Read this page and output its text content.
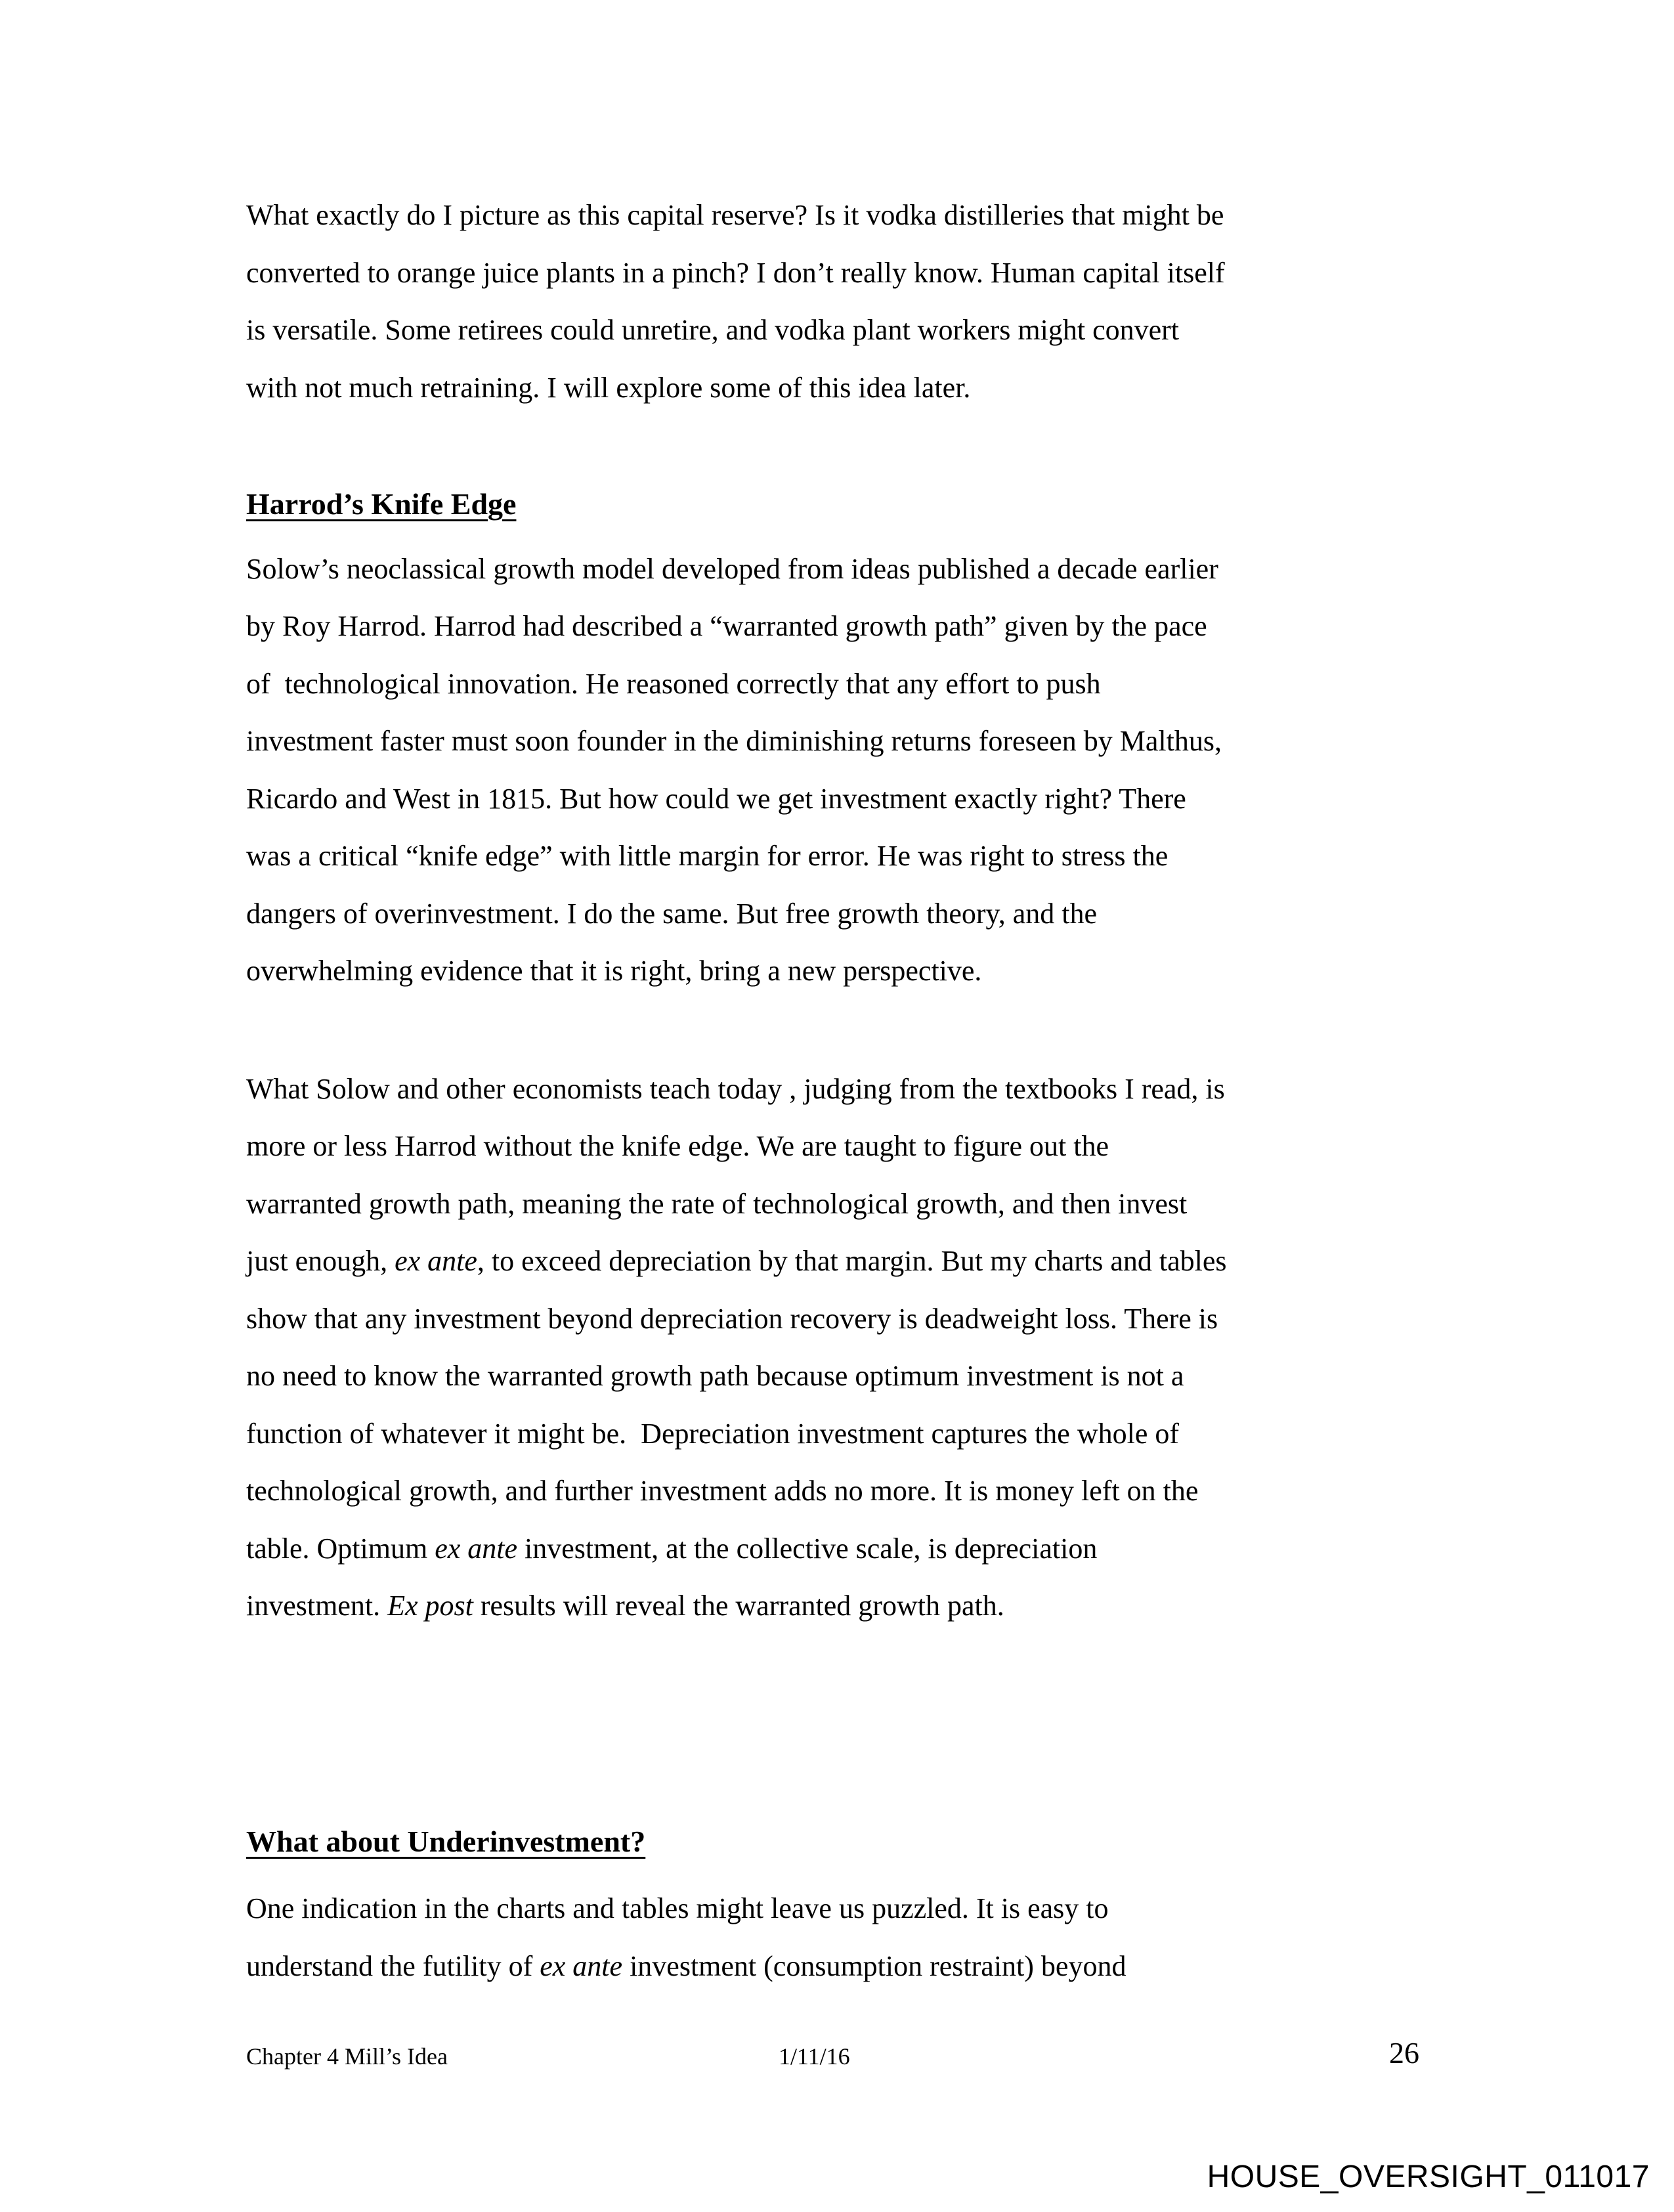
What exactly do I picture as this capital reserve? Is it vodka distilleries that might be
converted to orange juice plants in a pinch? I don’t really know. Human capital itself
is versatile. Some retirees could unretire, and vodka plant workers might convert
with not much retraining. I will explore some of this idea later.
Harrod’s Knife Edge
Solow’s neoclassical growth model developed from ideas published a decade earlier
by Roy Harrod. Harrod had described a “warranted growth path” given by the pace
of  technological innovation. He reasoned correctly that any effort to push
investment faster must soon founder in the diminishing returns foreseen by Malthus,
Ricardo and West in 1815. But how could we get investment exactly right? There
was a critical “knife edge” with little margin for error. He was right to stress the
dangers of overinvestment. I do the same. But free growth theory, and the
overwhelming evidence that it is right, bring a new perspective.
What Solow and other economists teach today , judging from the textbooks I read, is
more or less Harrod without the knife edge. We are taught to figure out the
warranted growth path, meaning the rate of technological growth, and then invest
just enough, ex ante, to exceed depreciation by that margin. But my charts and tables
show that any investment beyond depreciation recovery is deadweight loss. There is
no need to know the warranted growth path because optimum investment is not a
function of whatever it might be.  Depreciation investment captures the whole of
technological growth, and further investment adds no more. It is money left on the
table. Optimum ex ante investment, at the collective scale, is depreciation
investment. Ex post results will reveal the warranted growth path.
What about Underinvestment?
One indication in the charts and tables might leave us puzzled. It is easy to
understand the futility of ex ante investment (consumption restraint) beyond
Chapter 4 Mill’s Idea	1/11/16	26
HOUSE_OVERSIGHT_011017
